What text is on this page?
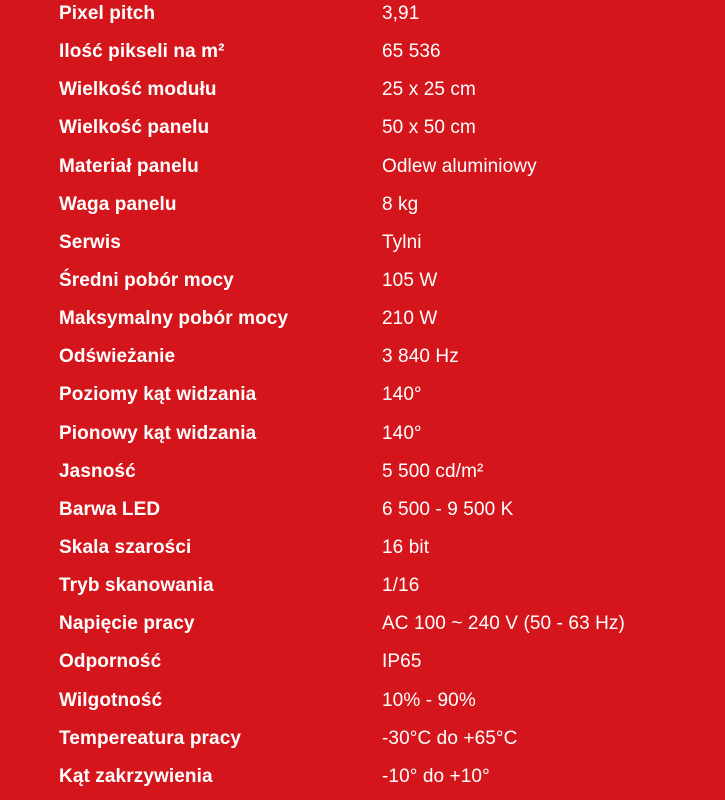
Pixel pitch	3,91
Ilość pikseli na m²	65 536
Wielkość modułu	25 x 25 cm
Wielkość panelu	50 x 50 cm
Materiał panelu	Odlew aluminiowy
Waga panelu	8 kg
Serwis	Tylni
Średni pobór mocy	105 W
Maksymalny pobór mocy	210 W
Odświeżanie	3 840 Hz
Poziomy kąt widzania	140°
Pionowy kąt widzania	140°
Jasność	5 500 cd/m²
Barwa LED	6 500 - 9 500 K
Skala szarości	16 bit
Tryb skanowania	1/16
Napięcie pracy	AC 100 ~ 240 V (50 - 63 Hz)
Odporność	IP65
Wilgotność	10% - 90%
Tempereatura pracy	-30°C do +65°C
Kąt zakrzywienia	-10° do +10°
